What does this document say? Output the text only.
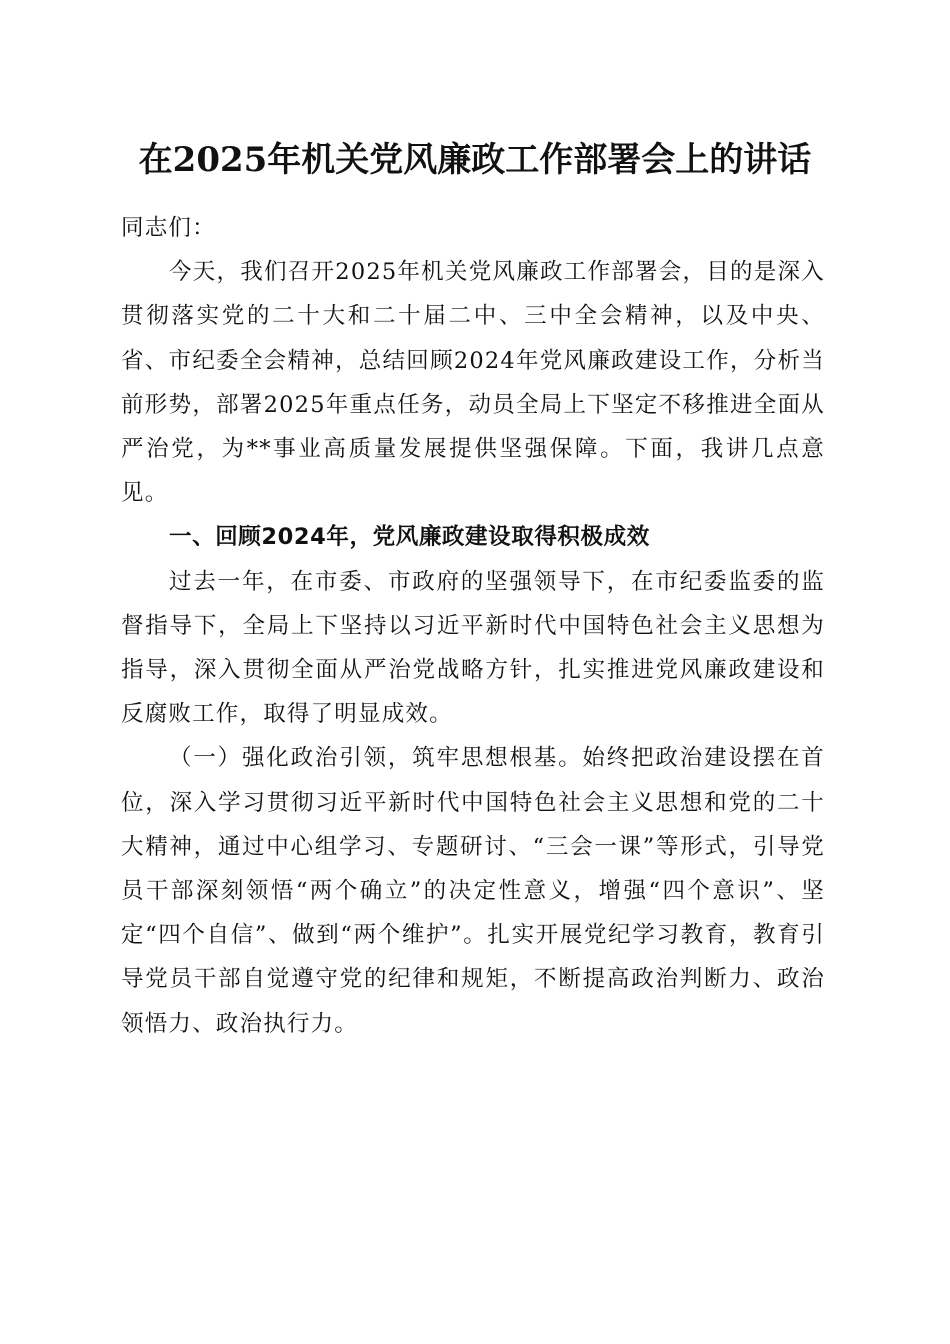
在2025年机关党风廉政工作部署会上的讲话

同志们：

今天，我们召开2025年机关党风廉政工作部署会，目的是深入贯彻落实党的二十大和二十届二中、三中全会精神，以及中央、省、市纪委全会精神，总结回顾2024年党风廉政建设工作，分析当前形势，部署2025年重点任务，动员全局上下坚定不移推进全面从严治党，为**事业高质量发展提供坚强保障。下面，我讲几点意见。

一、回顾2024年，党风廉政建设取得积极成效

过去一年，在市委、市政府的坚强领导下，在市纪委监委的监督指导下，全局上下坚持以习近平新时代中国特色社会主义思想为指导，深入贯彻全面从严治党战略方针，扎实推进党风廉政建设和反腐败工作，取得了明显成效。

（一）强化政治引领，筑牢思想根基。始终把政治建设摆在首位，深入学习贯彻习近平新时代中国特色社会主义思想和党的二十大精神，通过中心组学习、专题研讨、“三会一课”等形式，引导党员干部深刻领悟“两个确立”的决定性意义，增强“四个意识”、坚定“四个自信”、做到“两个维护”。扎实开展党纪学习教育，教育引导党员干部自觉遵守党的纪律和规矩，不断提高政治判断力、政治领悟力、政治执行力。
